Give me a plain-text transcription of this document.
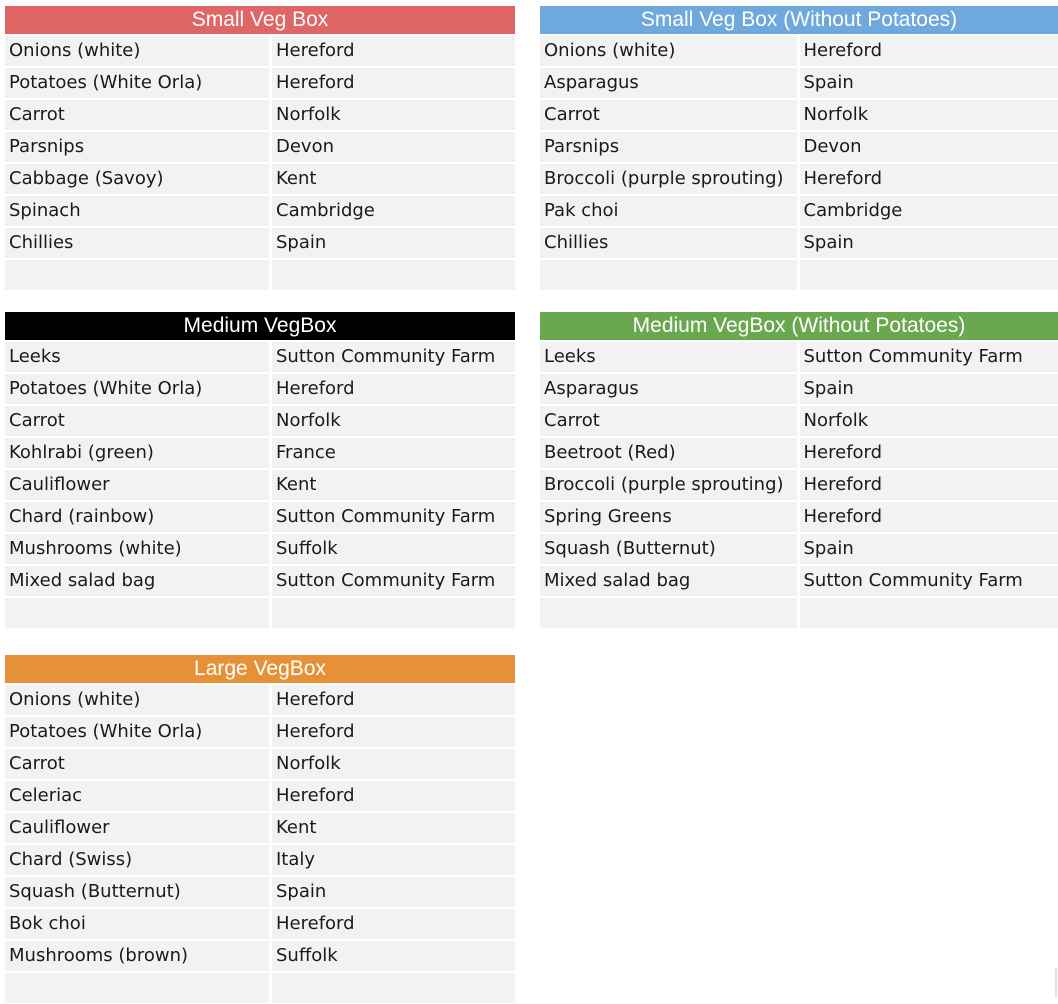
Small Veg Box
Onions (white)	Hereford
Potatoes (White Orla)	Hereford
Carrot	Norfolk
Parsnips	Devon
Cabbage (Savoy)	Kent
Spinach	Cambridge
Chillies	Spain
Small Veg Box (Without Potatoes)
Onions (white)	Hereford
Asparagus	Spain
Carrot	Norfolk
Parsnips	Devon
Broccoli (purple sprouting)	Hereford
Pak choi	Cambridge
Chillies	Spain
Medium VegBox
Leeks	Sutton Community Farm
Potatoes (White Orla)	Hereford
Carrot	Norfolk
Kohlrabi (green)	France
Cauliflower	Kent
Chard (rainbow)	Sutton Community Farm
Mushrooms (white)	Suffolk
Mixed salad bag	Sutton Community Farm
Medium VegBox (Without Potatoes)
Leeks	Sutton Community Farm
Asparagus	Spain
Carrot	Norfolk
Beetroot (Red)	Hereford
Broccoli (purple sprouting)	Hereford
Spring Greens	Hereford
Squash (Butternut)	Spain
Mixed salad bag	Sutton Community Farm
Large VegBox
Onions (white)	Hereford
Potatoes (White Orla)	Hereford
Carrot	Norfolk
Celeriac	Hereford
Cauliflower	Kent
Chard (Swiss)	Italy
Squash (Butternut)	Spain
Bok choi	Hereford
Mushrooms (brown)	Suffolk
